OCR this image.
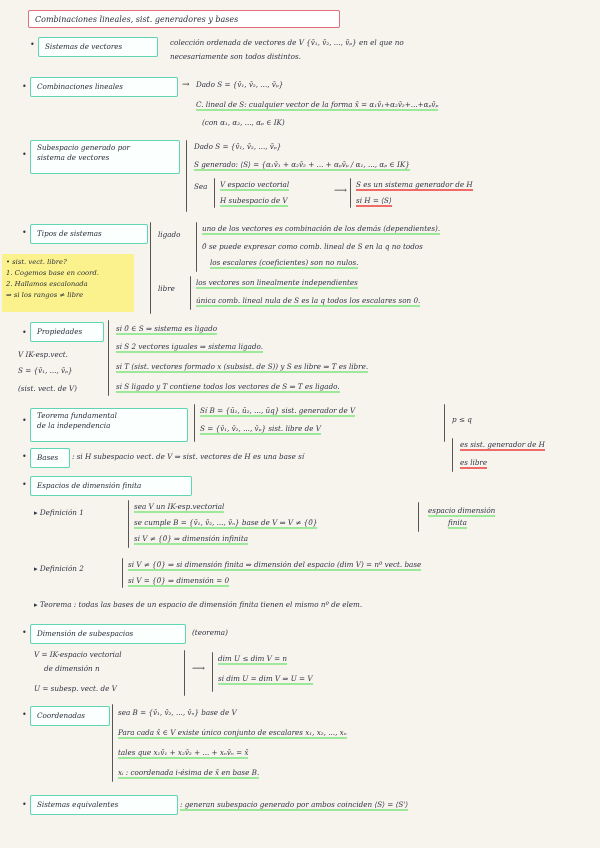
Combinaciones lineales, sist. generadores y bases
•	Sistemas de vectores	colección ordenada de vectores de V {v̄₁, v̄₂, ..., v̄ₚ} en el que no
necesariamente son todos distintos.
•	Combinaciones lineales	→ Dado S = {v̄₁, v̄₂, ..., v̄ₚ}
C. lineal de S: cualquier vector de la forma x̄ = α₁v̄₁+α₂v̄₂+...+αₚv̄ₚ
(con α₁, α₂, ..., αₚ ∈ IK)
•
Subespacio generado por
sistema de vectores
Dado S = {v̄₁, v̄₂, ..., v̄ₚ}
S generado: ⟨S⟩ = {α₁v̄₁ + α₂v̄₂ + ... + αₚv̄ₚ / α₁, ..., αₚ ∈ IK}
Sea V espacio vectorial
H subespacio de V
⟶
S es un sistema generador de H
si H = ⟨S⟩
•	Tipos de sistemas	ligado
uno de los vectores es combinación de los demás (dependientes).
0̄ se puede expresar como comb. lineal de S en la q no todos
los escalares (coeficientes) son no nulos.
libre
los vectores son linealmente independientes
única comb. lineal nula de S es la q todos los escalares son 0.
• sist. vect. libre?
1. Cogemos base en coord.
2. Hallamos escalonada
⇒ si los rangos ≠ libre
•	Propiedades
V IK-esp.vect.
S = {v̄₁, ..., v̄ₚ}
(sist. vect. de V)
si 0̄ ∈ S ⇒ sistema es ligado
si S 2 vectores iguales ⇒ sistema ligado.
si T (sist. vectores formado x (subsist. de S)) y S es libre ⇒ T es libre.
si S ligado y T contiene todos los vectores de S ⇒ T es ligado.
•
Teorema fundamental
de la independencia
Sí B = {ū₁, ū₂, ..., ūq} sist. generador de V
S = {v̄₁, v̄₂, ..., v̄ₚ} sist. libre de V
p ≤ q
•	Bases	: si H subespacio vect. de V ⇒ sist. vectores de H es una base sí
es sist. generador de H
es libre
•	Espacios de dimensión finita
▸ Definición 1
sea V un IK-esp.vectorial
se cumple B = {v̄₁, v̄₂, ..., v̄ₙ} base de V ⇒ V ≠ {0̄}
si V ≠ {0̄} ⇒ dimensión infinita
espacio dimensión
finita
▸ Definición 2	si V ≠ {0̄} ⇒ si dimensión finita ⇒ dimensión del espacio (dim V) = nº vect. base
si V = {0̄} ⇒ dimensión = 0
▸ Teorema : todas las bases de un espacio de dimensión finita tienen el mismo nº de elem.
•	Dimensión de subespacios	(teorema)
V = IK-espacio vectorial
de dimensión n
U = subesp. vect. de V
⟶
dim U ≤ dim V = n
si dim U = dim V ⇒ U = V
•	Coordenadas	sea B = {v̄₁, v̄₂, ..., v̄ₙ} base de V
Para cada x̄ ∈ V existe único conjunto de escalares x₁, x₂, ..., xₙ
tales que x₁v̄₁ + x₂v̄₂ + ... + xₙv̄ₙ = x̄
xᵢ : coordenada i-ésima de x̄ en base B.
•	Sistemas equivalentes	: generan subespacio generado por ambos coinciden ⟨S⟩ = ⟨S'⟩
